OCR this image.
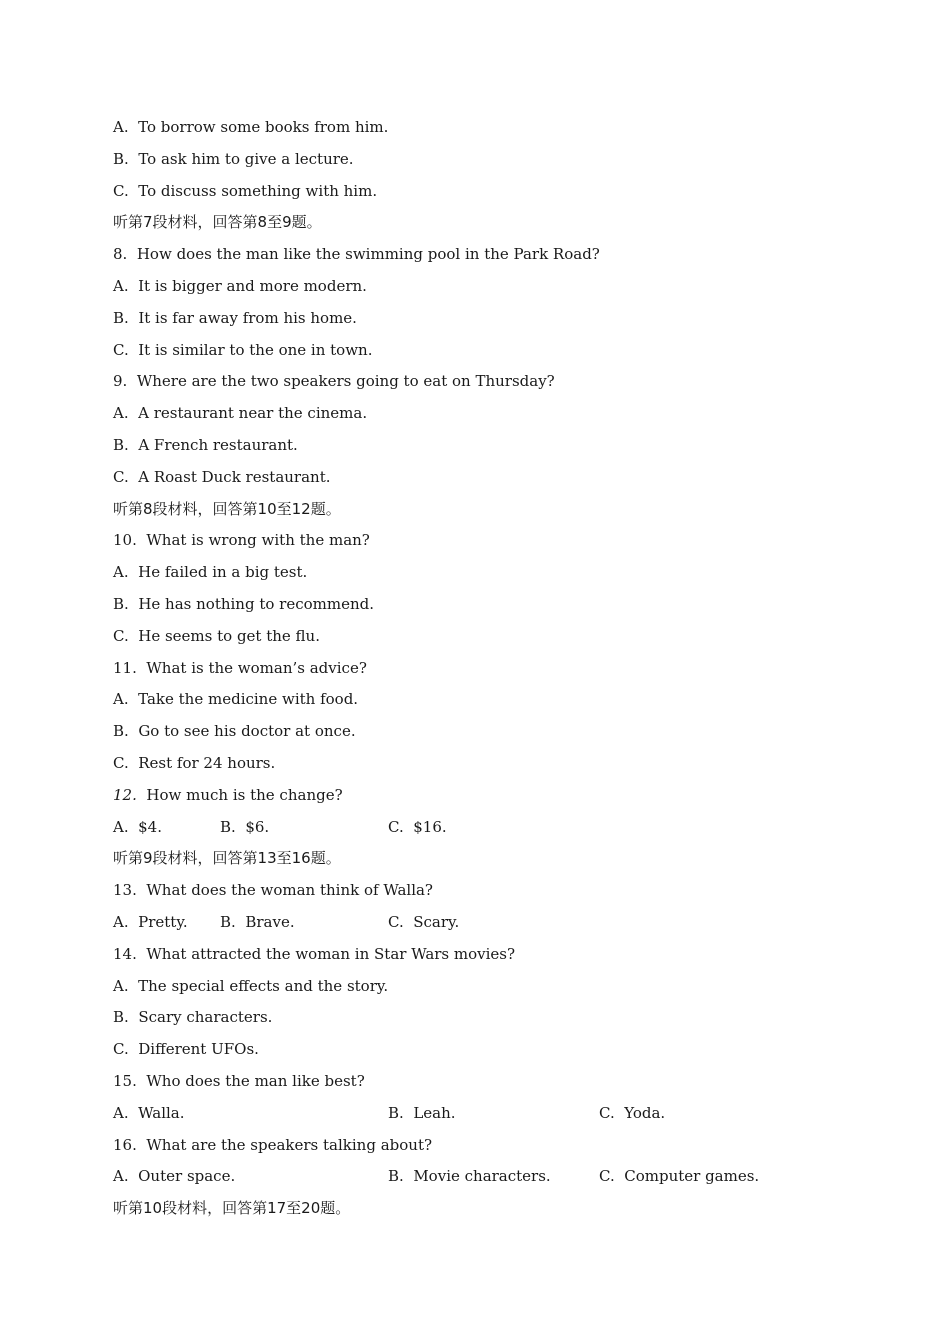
A.  To borrow some books from him.
B.  To ask him to give a lecture.
C.  To discuss something with him.
听第7段材料，回答第8至9题。
8.  How does the man like the swimming pool in the Park Road?
A.  It is bigger and more modern.
B.  It is far away from his home.
C.  It is similar to the one in town.
9.  Where are the two speakers going to eat on Thursday?
A.  A restaurant near the cinema.
B.  A French restaurant.
C.  A Roast Duck restaurant.
听第8段材料，回答第10至12题。
10.  What is wrong with the man?
A.  He failed in a big test.
B.  He has nothing to recommend.
C.  He seems to get the flu.
11.  What is the woman’s advice?
A.  Take the medicine with food.
B.  Go to see his doctor at once.
C.  Rest for 24 hours.
12. How much is the change?
A.  $4.	B.  $6.	C.  $16.
听第9段材料，回答第13至16题。
13.  What does the woman think of Walla?
A.  Pretty. B.  Brave.	C.  Scary.
14.  What attracted the woman in Star Wars movies?
A.  The special effects and the story.
B.  Scary characters.
C.  Different UFOs.
15.  Who does the man like best?
A.  Walla.	B.  Leah.	C.  Yoda.
16.  What are the speakers talking about?
A.  Outer space.	B.  Movie characters.	C.  Computer games.
听第10段材料，回答第17至20题。
